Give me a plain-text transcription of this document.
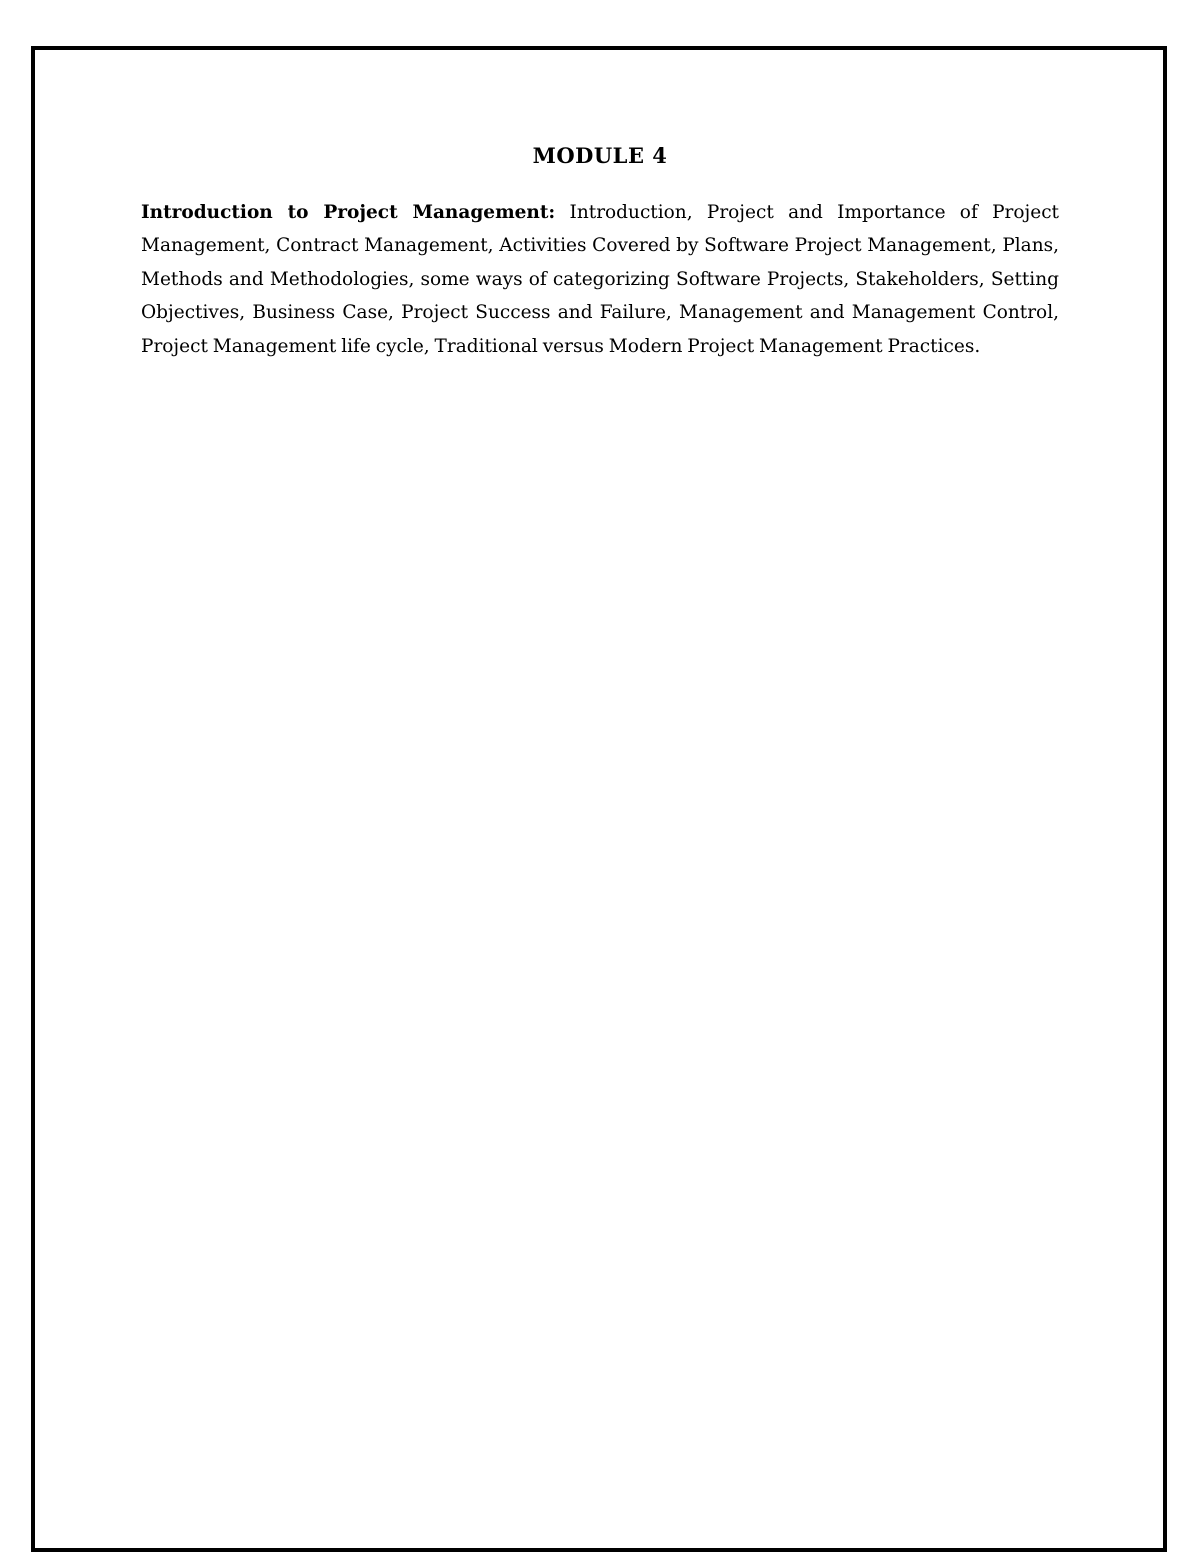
MODULE 4

Introduction to Project Management: Introduction, Project and Importance of Project Management, Contract Management, Activities Covered by Software Project Management, Plans, Methods and Methodologies, some ways of categorizing Software Projects, Stakeholders, Setting Objectives, Business Case, Project Success and Failure, Management and Management Control, Project Management life cycle, Traditional versus Modern Project Management Practices.
